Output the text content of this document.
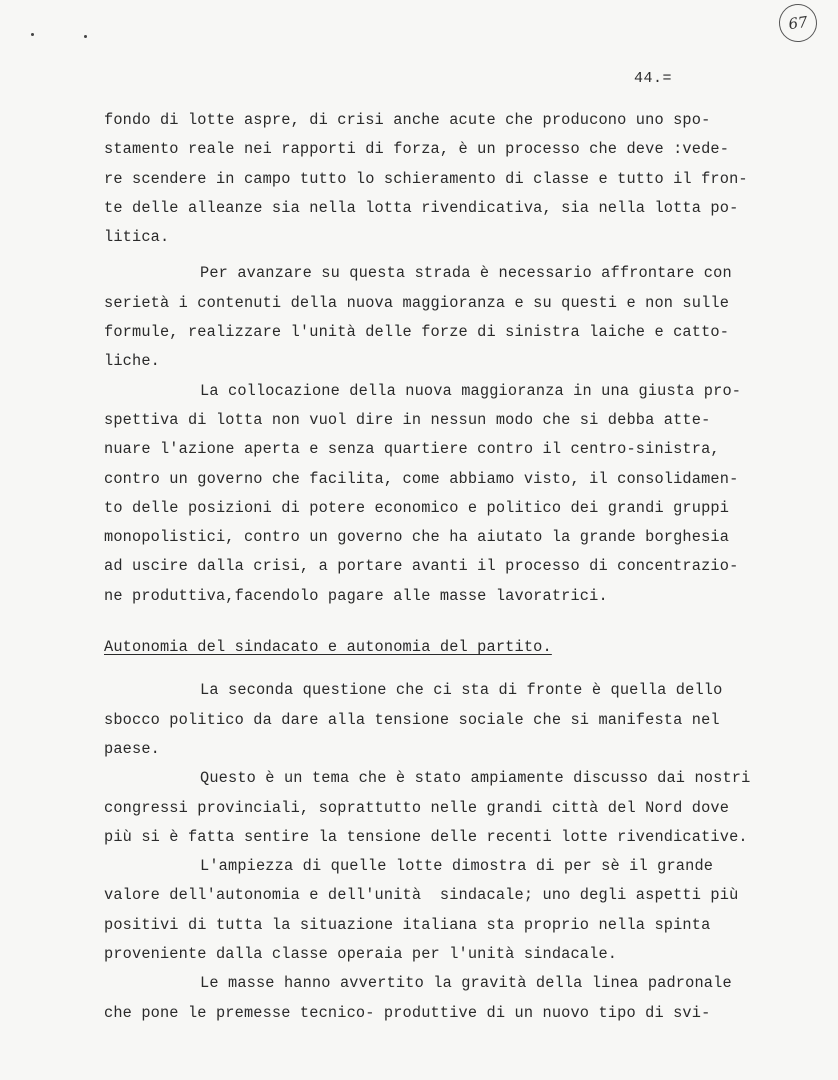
67
44.=
fondo di lotte aspre, di crisi anche acute che producono uno spo-
stamento reale nei rapporti di forza, è un processo che deve :vede-
re scendere in campo tutto lo schieramento di classe e tutto il fron-
te delle alleanze sia nella lotta rivendicativa, sia nella lotta po-
litica.
Per avanzare su questa strada è necessario affrontare con
serietà i contenuti della nuova maggioranza e su questi e non sulle
formule, realizzare l'unità delle forze di sinistra laiche e catto-
liche.
La collocazione della nuova maggioranza in una giusta pro-
spettiva di lotta non vuol dire in nessun modo che si debba atte-
nuare l'azione aperta e senza quartiere contro il centro-sinistra,
contro un governo che facilita, come abbiamo visto, il consolidamen-
to delle posizioni di potere economico e politico dei grandi gruppi
monopolistici, contro un governo che ha aiutato la grande borghesia
ad uscire dalla crisi, a portare avanti il processo di concentrazio-
ne produttiva,facendolo pagare alle masse lavoratrici.
Autonomia del sindacato e autonomia del partito.
La seconda questione che ci sta di fronte è quella dello
sbocco politico da dare alla tensione sociale che si manifesta nel
paese.
Questo è un tema che è stato ampiamente discusso dai nostri
congressi provinciali, soprattutto nelle grandi città del Nord dove
più si è fatta sentire la tensione delle recenti lotte rivendicative.
L'ampiezza di quelle lotte dimostra di per sè il grande
valore dell'autonomia e dell'unità  sindacale; uno degli aspetti più
positivi di tutta la situazione italiana sta proprio nella spinta
proveniente dalla classe operaia per l'unità sindacale.
Le masse hanno avvertito la gravità della linea padronale
che pone le premesse tecnico- produttive di un nuovo tipo di svi-
